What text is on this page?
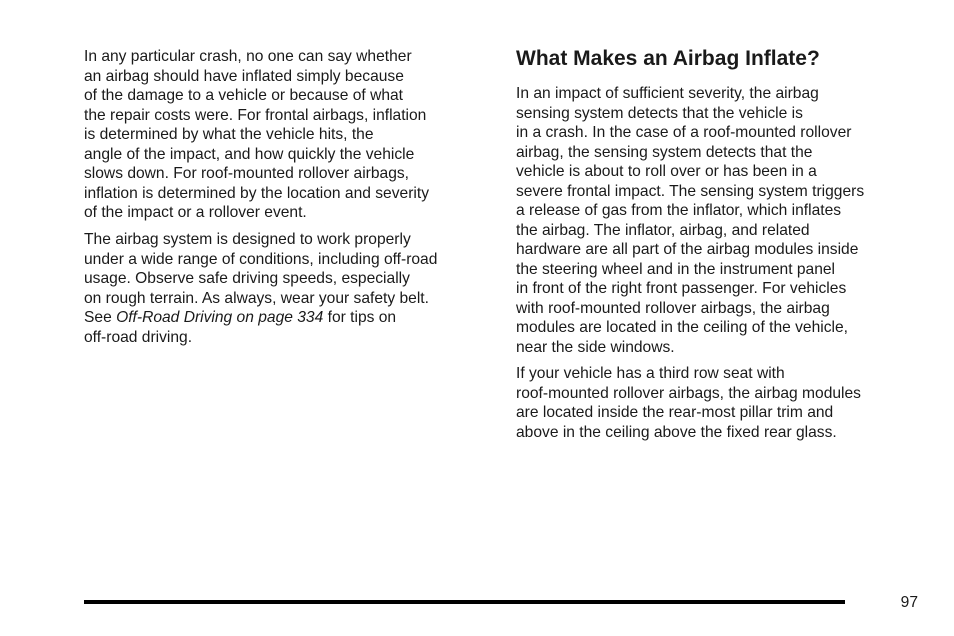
In any particular crash, no one can say whether

an airbag should have inflated simply because

of the damage to a vehicle or because of what

the repair costs were. For frontal airbags, inflation

is determined by what the vehicle hits, the

angle of the impact, and how quickly the vehicle

slows down. For roof-mounted rollover airbags,

inflation is determined by the location and severity

of the impact or a rollover event.

The airbag system is designed to work properly

under a wide range of conditions, including off-road

usage. Observe safe driving speeds, especially

on rough terrain. As always, wear your safety belt.

See Off-Road Driving on page 334 for tips on

off-road driving.

What Makes an Airbag Inflate?

In an impact of sufficient severity, the airbag

sensing system detects that the vehicle is

in a crash. In the case of a roof-mounted rollover

airbag, the sensing system detects that the

vehicle is about to roll over or has been in a

severe frontal impact. The sensing system triggers

a release of gas from the inflator, which inflates

the airbag. The inflator, airbag, and related

hardware are all part of the airbag modules inside

the steering wheel and in the instrument panel

in front of the right front passenger. For vehicles

with roof-mounted rollover airbags, the airbag

modules are located in the ceiling of the vehicle,

near the side windows.

If your vehicle has a third row seat with

roof-mounted rollover airbags, the airbag modules

are located inside the rear-most pillar trim and

above in the ceiling above the fixed rear glass.

97
